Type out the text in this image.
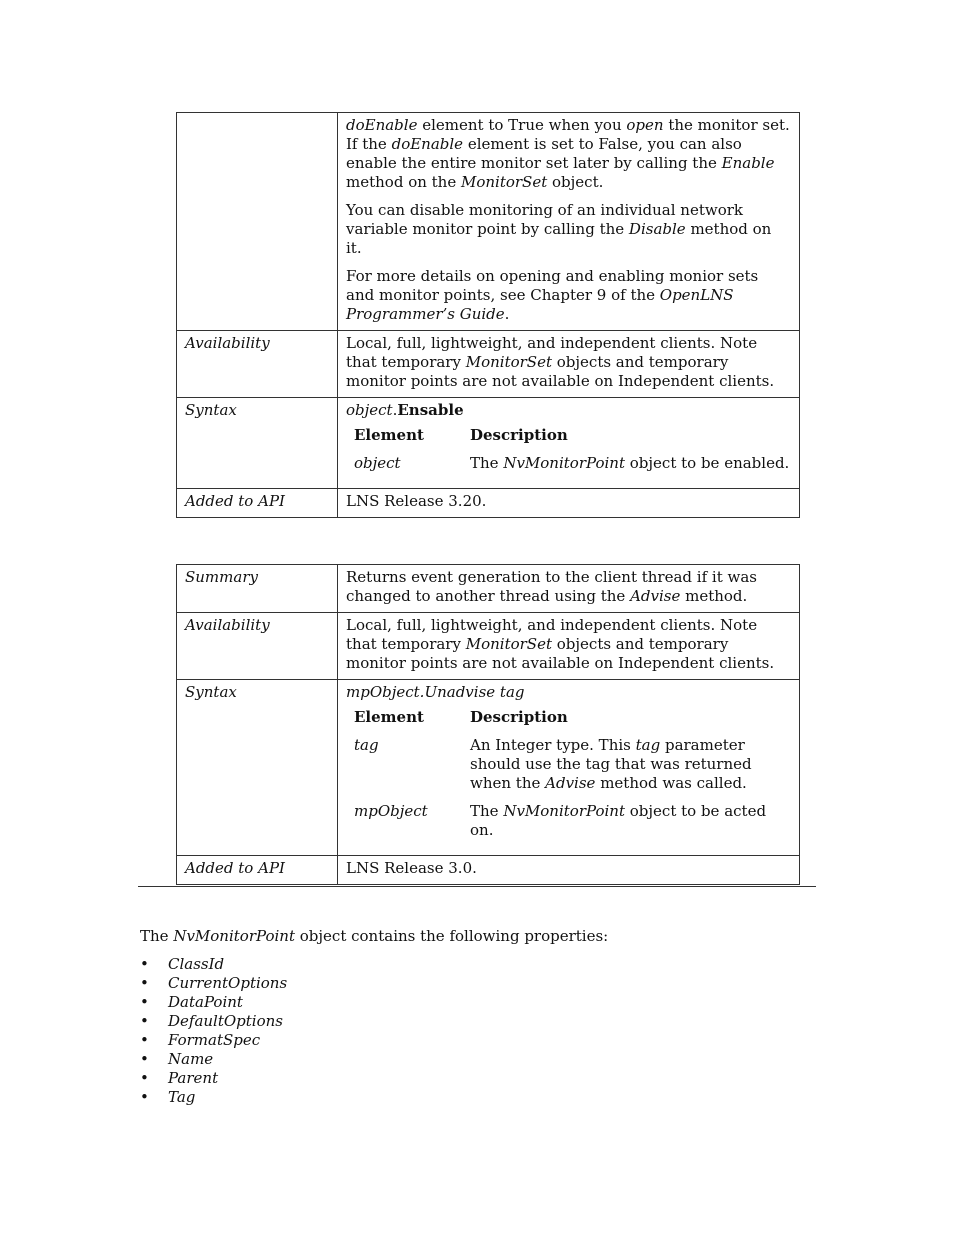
doEnable element to True when you open the monitor set. If the doEnable element is set to False, you can also enable the entire monitor set later by calling the Enable method on the MonitorSet object.

You can disable monitoring of an individual network variable monitor point by calling the Disable method on it.

For more details on opening and enabling monior sets and monitor points, see Chapter 9 of the OpenLNS Programmer’s Guide.

Availability	Local, full, lightweight, and independent clients. Note that temporary MonitorSet objects and temporary monitor points are not available on Independent clients.
Syntax	object.Ensable
Element	Description
object	The NvMonitorPoint object to be enabled.

Added to API	LNS Release 3.20.
Summary	Returns event generation to the client thread if it was changed to another thread using the Advise method.
Availability	Local, full, lightweight, and independent clients. Note that temporary MonitorSet objects and temporary monitor points are not available on Independent clients.
Syntax	mpObject.Unadvise tag
Element	Description
tag	An Integer type. This tag parameter should use the tag that was returned when the Advise method was called.
mpObject	The NvMonitorPoint object to be acted on.

Added to API	LNS Release 3.0.

The NvMonitorPoint object contains the following properties:

• ClassId
• CurrentOptions
• DataPoint
• DefaultOptions
• FormatSpec
• Name
• Parent
• Tag
